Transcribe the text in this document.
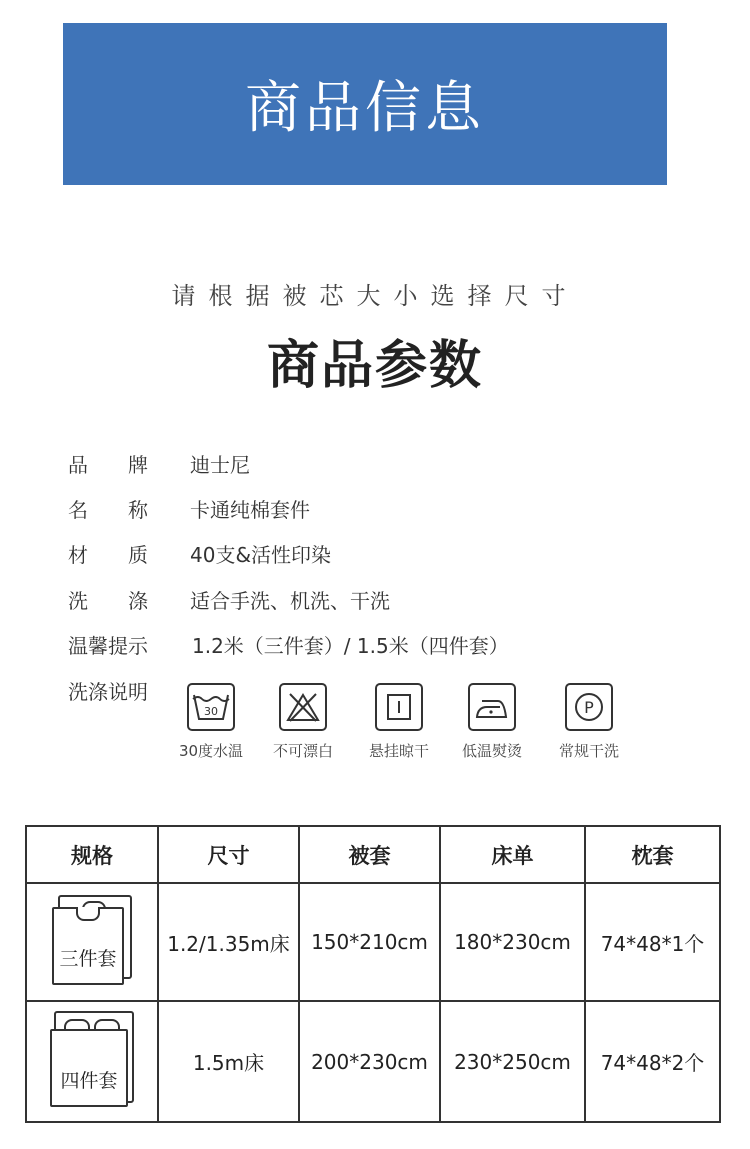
商品信息
请根据被芯大小选择尺寸
商品参数
品牌 迪士尼
名称 卡通纯棉套件
材质 40支&活性印染
洗涤 适合手洗、机洗、干洗
温馨提示	1.2米（三件套）/ 1.5米（四件套）
洗涤说明
30
30度水温	不可漂白	悬挂晾干	低温熨烫
P
常规干洗
规格	尺寸	被套	床单	枕套

三件套	1.2/1.35m床	150*210cm	180*230cm	74*48*1个

四件套	1.5m床	200*230cm	230*250cm	74*48*2个
